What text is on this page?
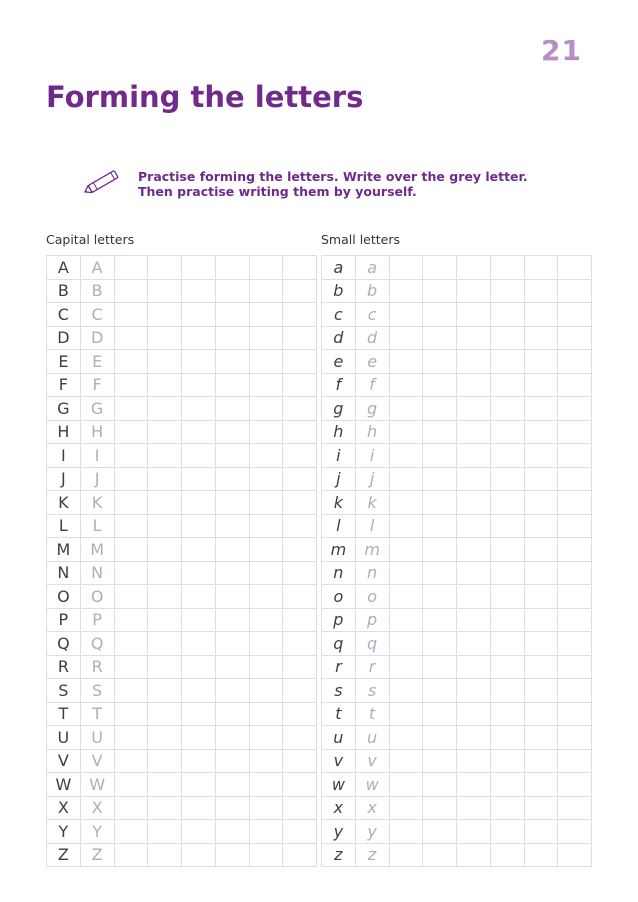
21
Forming the letters
Practise forming the letters. Write over the grey letter.
Then practise writing them by yourself.
Capital letters	Small letters
A	A						
B	B						
C	C						
D	D						
E	E						
F	F						
G	G						
H	H						
I	I						
J	J						
K	K						
L	L						
M	M						
N	N						
O	O						
P	P						
Q	Q						
R	R						
S	S						
T	T						
U	U						
V	V						
W	W						
X	X						
Y	Y						
Z	Z						
a	a						
b	b						
c	c						
d	d						
e	e						
f	f						
g	g						
h	h						
i	i						
j	j						
k	k						
l	l						
m	m						
n	n						
o	o						
p	p						
q	q						
r	r						
s	s						
t	t						
u	u						
v	v						
w	w						
x	x						
y	y						
z	z						
